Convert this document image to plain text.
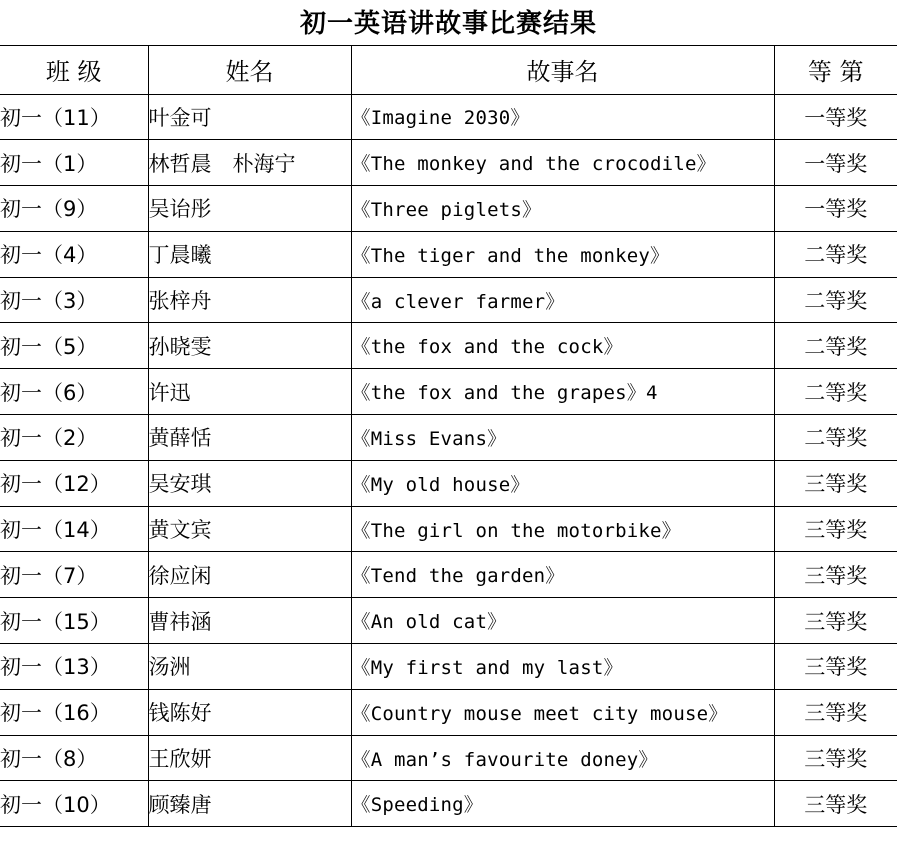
初一英语讲故事比赛结果
班 级	姓名	故事名	等 第
初一（11）	叶金可	《Imagine 2030》	一等奖
初一（1）	林哲晨　朴海宁	《The monkey and the crocodile》	一等奖
初一（9）	吴诒彤	《Three piglets》	一等奖
初一（4）	丁晨曦	《The tiger and the monkey》	二等奖
初一（3）	张梓舟	《a clever farmer》	二等奖
初一（5）	孙晓雯	《the fox and the cock》	二等奖
初一（6）	许迅	《the fox and the grapes》4	二等奖
初一（2）	黄薛恬	《Miss Evans》	二等奖
初一（12）	吴安琪	《My old house》	三等奖
初一（14）	黄文宾	《The girl on the motorbike》	三等奖
初一（7）	徐应闲	《Tend the garden》	三等奖
初一（15）	曹祎涵	《An old cat》	三等奖
初一（13）	汤洲	《My first and my last》	三等奖
初一（16）	钱陈好	《Country mouse meet city mouse》	三等奖
初一（8）	王欣妍	《A man’s favourite doney》	三等奖
初一（10）	顾臻唐	《Speeding》	三等奖
